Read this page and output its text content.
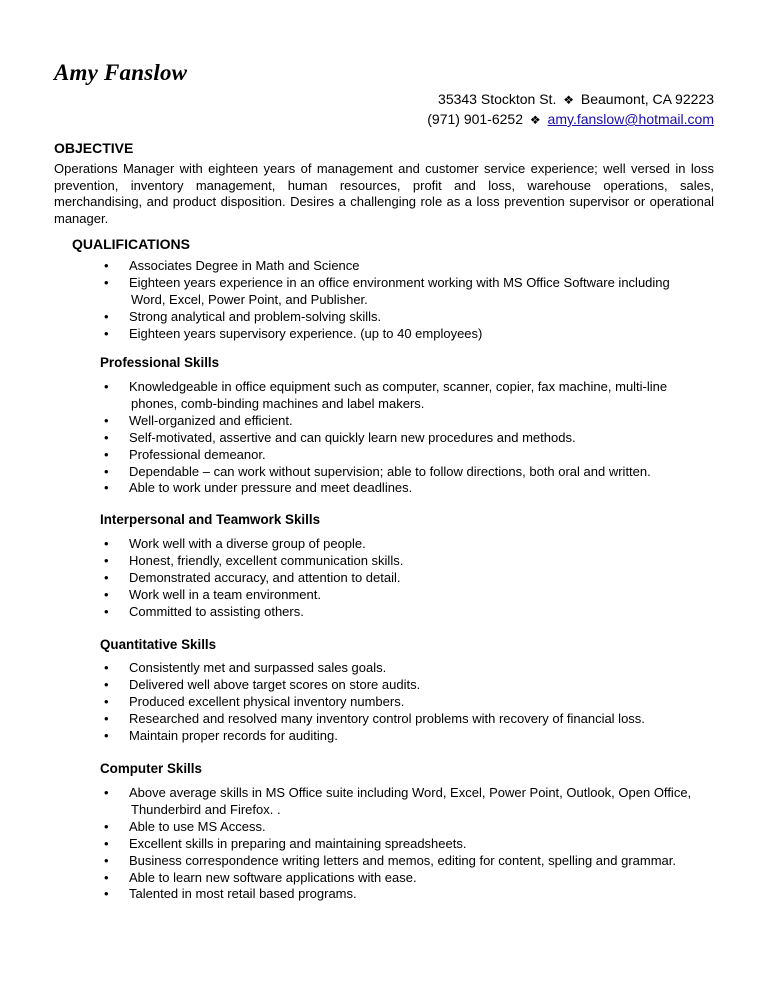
Amy Fanslow
35343 Stockton St. ❖ Beaumont, CA 92223
(971) 901-6252 ❖ amy.fanslow@hotmail.com
OBJECTIVE
Operations Manager with eighteen years of management and customer service experience; well versed in loss prevention, inventory management, human resources, profit and loss, warehouse operations, sales, merchandising, and product disposition. Desires a challenging role as a loss prevention supervisor or operational manager.
QUALIFICATIONS
• Associates Degree in Math and Science
• Eighteen years experience in an office environment working with MS Office Software including
Word, Excel, Power Point, and Publisher.
• Strong analytical and problem-solving skills.
• Eighteen years supervisory experience. (up to 40 employees)
Professional Skills
• Knowledgeable in office equipment such as computer, scanner, copier, fax machine, multi-line
phones, comb-binding machines and label makers.
• Well-organized and efficient.
• Self-motivated, assertive and can quickly learn new procedures and methods.
• Professional demeanor.
• Dependable – can work without supervision; able to follow directions, both oral and written.
• Able to work under pressure and meet deadlines.
Interpersonal and Teamwork Skills
• Work well with a diverse group of people.
• Honest, friendly, excellent communication skills.
• Demonstrated accuracy, and attention to detail.
• Work well in a team environment.
• Committed to assisting others.
Quantitative Skills
• Consistently met and surpassed sales goals.
• Delivered well above target scores on store audits.
• Produced excellent physical inventory numbers.
• Researched and resolved many inventory control problems with recovery of financial loss.
• Maintain proper records for auditing.
Computer Skills
• Above average skills in MS Office suite including Word, Excel, Power Point, Outlook, Open Office,
Thunderbird and Firefox. .
• Able to use MS Access.
• Excellent skills in preparing and maintaining spreadsheets.
• Business correspondence writing letters and memos, editing for content, spelling and grammar.
• Able to learn new software applications with ease.
• Talented in most retail based programs.
